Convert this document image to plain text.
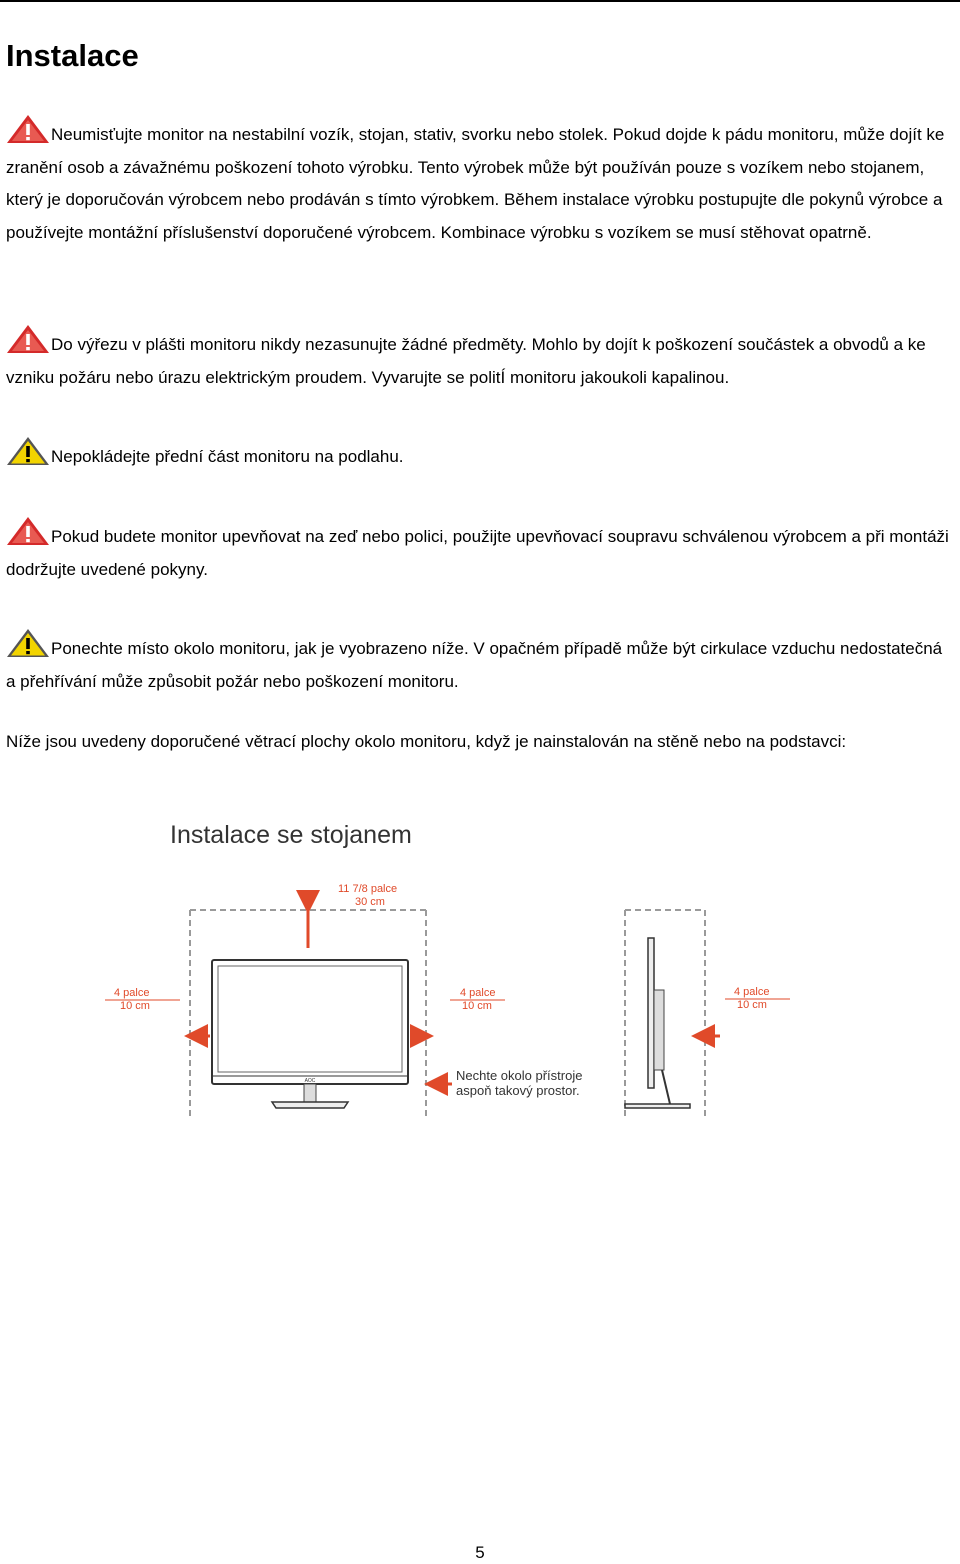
Instalace

Neumisťujte monitor na nestabilní vozík, stojan, stativ, svorku nebo stolek. Pokud dojde k pádu monitoru, může dojít ke zranění osob a závažnému poškození tohoto výrobku. Tento výrobek může být používán pouze s vozíkem nebo stojanem, který je doporučován výrobcem nebo prodáván s tímto výrobkem. Během instalace výrobku postupujte dle pokynů výrobce a používejte montážní příslušenství doporučené výrobcem. Kombinace výrobku s vozíkem se musí stěhovat opatrně.

Do výřezu v plášti monitoru nikdy nezasunujte žádné předměty. Mohlo by dojít k poškození součástek a obvodů a ke vzniku požáru nebo úrazu elektrickým proudem. Vyvarujte se politÍ monitoru jakoukoli kapalinou.

Nepokládejte přední část monitoru na podlahu.

Pokud budete monitor upevňovat na zeď nebo polici, použijte upevňovací soupravu schválenou výrobcem a při montáži dodržujte uvedené pokyny.

Ponechte místo okolo monitoru, jak je vyobrazeno níže. V opačném případě může být cirkulace vzduchu nedostatečná a přehřívání může způsobit požár nebo poškození monitoru.

Níže jsou uvedeny doporučené větrací plochy okolo monitoru, když je nainstalován na stěně nebo na podstavci:

Instalace se stojanem
11 7/8 palce
30 cm
4 palce
10 cm
4 palce
10 cm
4 palce
10 cm
Nechte okolo přístroje
aspoň takový prostor.
AOC
5
